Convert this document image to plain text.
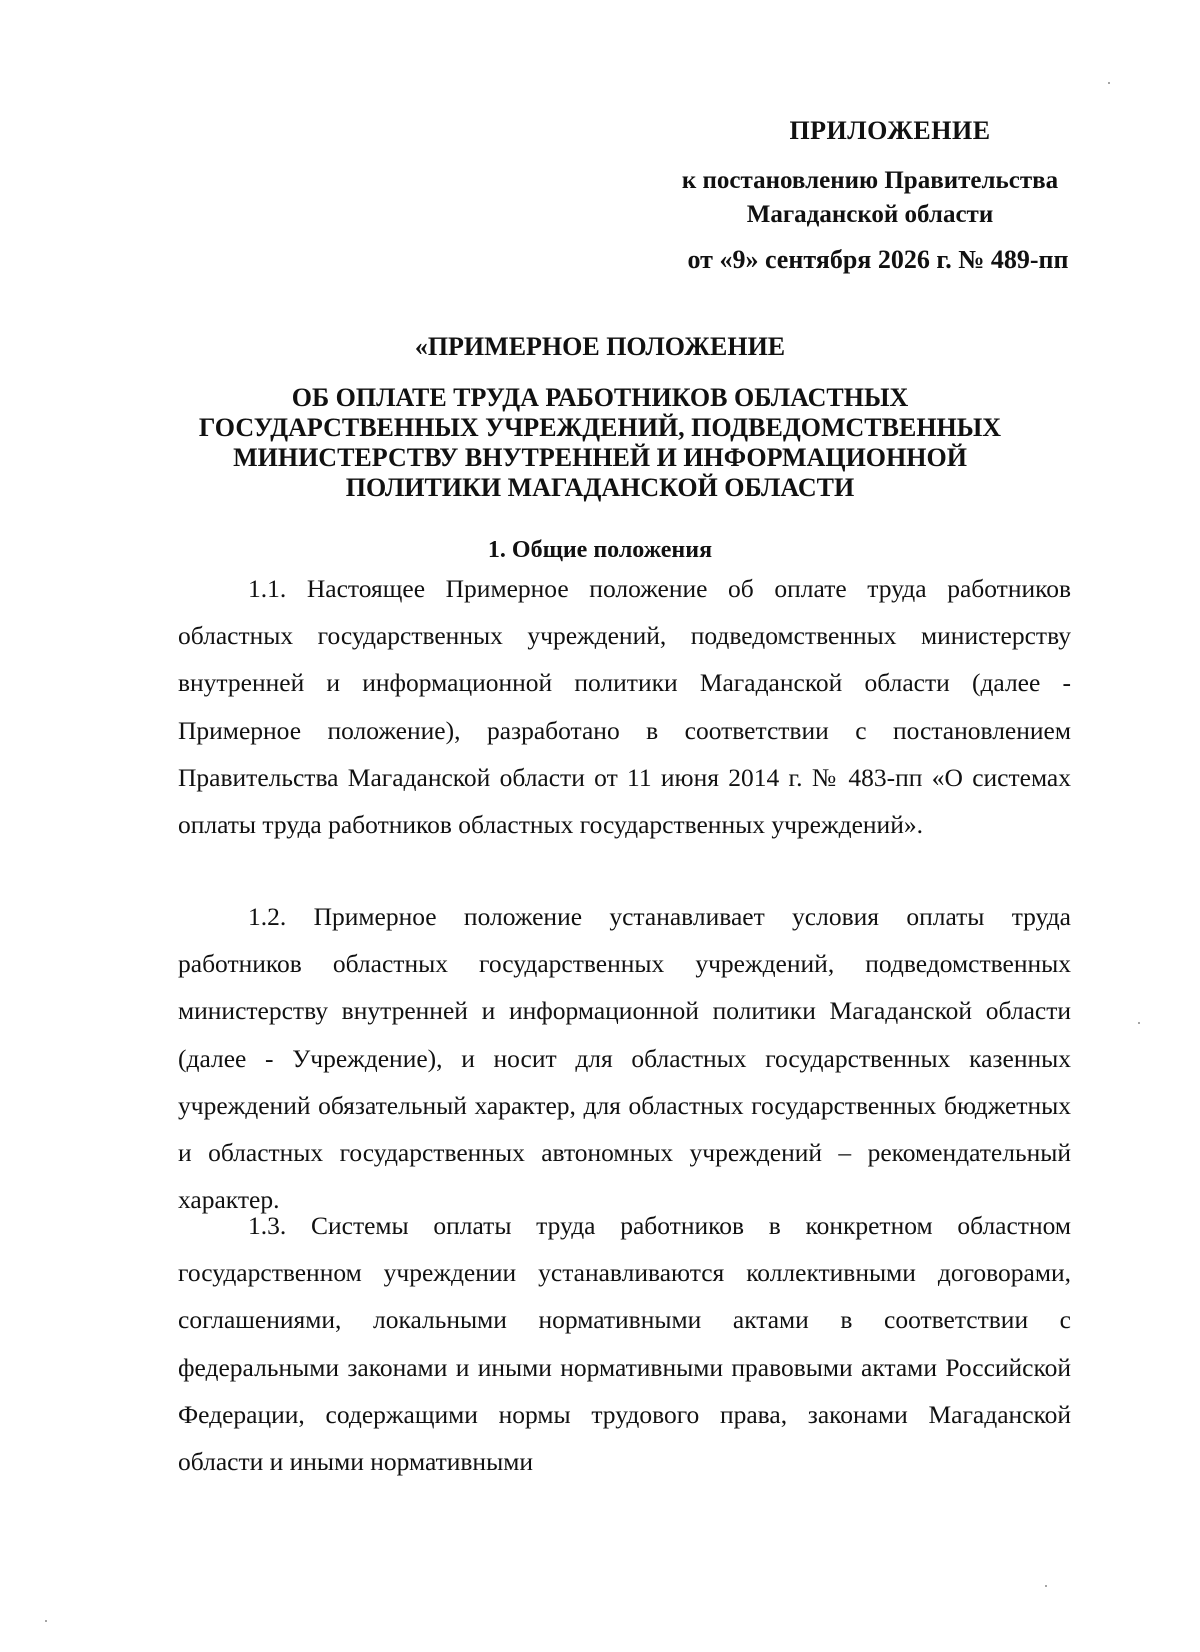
ПРИЛОЖЕНИЕ
к постановлению Правительства
Магаданской области
от «9» сентября 2026 г. № 489-пп
«ПРИМЕРНОЕ ПОЛОЖЕНИЕ
ОБ ОПЛАТЕ ТРУДА РАБОТНИКОВ ОБЛАСТНЫХ
ГОСУДАРСТВЕННЫХ УЧРЕЖДЕНИЙ, ПОДВЕДОМСТВЕННЫХ
МИНИСТЕРСТВУ ВНУТРЕННЕЙ И ИНФОРМАЦИОННОЙ
ПОЛИТИКИ МАГАДАНСКОЙ ОБЛАСТИ
1. Общие положения
1.1. Настоящее Примерное положение об оплате труда работников областных государственных учреждений, подведомственных министерству внутренней и информационной политики Магаданской области (далее - Примерное положение), разработано в соответствии с постановлением Правительства Магаданской области от 11 июня 2014 г. № 483-пп «О системах оплаты труда работников областных государственных учреждений».
1.2. Примерное положение устанавливает условия оплаты труда работников областных государственных учреждений, подведомственных министерству внутренней и информационной политики Магаданской области (далее - Учреждение), и носит для областных государственных казенных учреждений обязательный характер, для областных государственных бюджетных и областных государственных автономных учреждений – рекомендательный характер.
1.3. Системы оплаты труда работников в конкретном областном государственном учреждении устанавливаются коллективными договорами, соглашениями, локальными нормативными актами в соответствии с федеральными законами и иными нормативными правовыми актами Российской Федерации, содержащими нормы трудового права, законами Магаданской области и иными нормативными
